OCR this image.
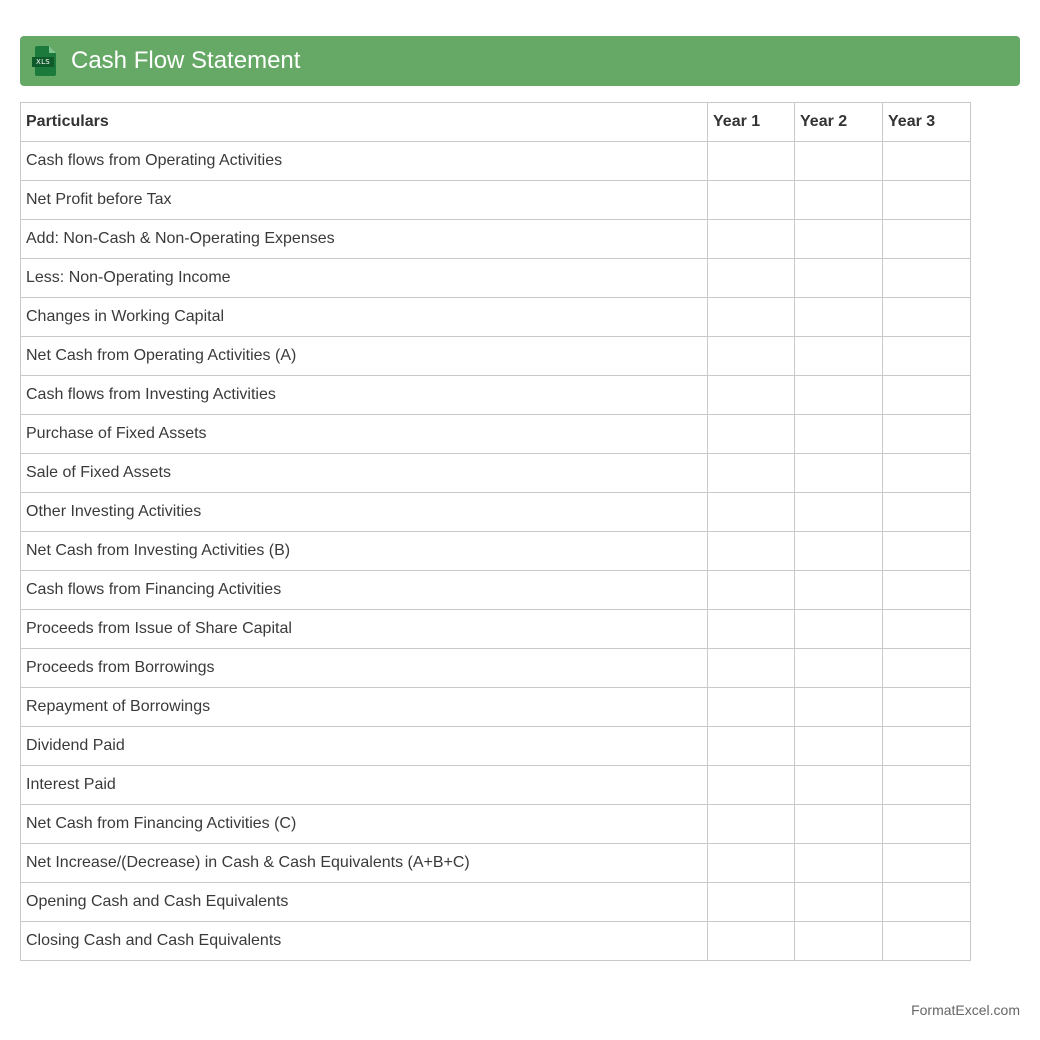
XLS Cash Flow Statement
Particulars	Year 1	Year 2	Year 3
Cash flows from Operating Activities			
Net Profit before Tax			
Add: Non-Cash & Non-Operating Expenses			
Less: Non-Operating Income			
Changes in Working Capital			
Net Cash from Operating Activities (A)			
Cash flows from Investing Activities			
Purchase of Fixed Assets			
Sale of Fixed Assets			
Other Investing Activities			
Net Cash from Investing Activities (B)			
Cash flows from Financing Activities			
Proceeds from Issue of Share Capital			
Proceeds from Borrowings			
Repayment of Borrowings			
Dividend Paid			
Interest Paid			
Net Cash from Financing Activities (C)			
Net Increase/(Decrease) in Cash & Cash Equivalents (A+B+C)			
Opening Cash and Cash Equivalents			
Closing Cash and Cash Equivalents			
FormatExcel.com
